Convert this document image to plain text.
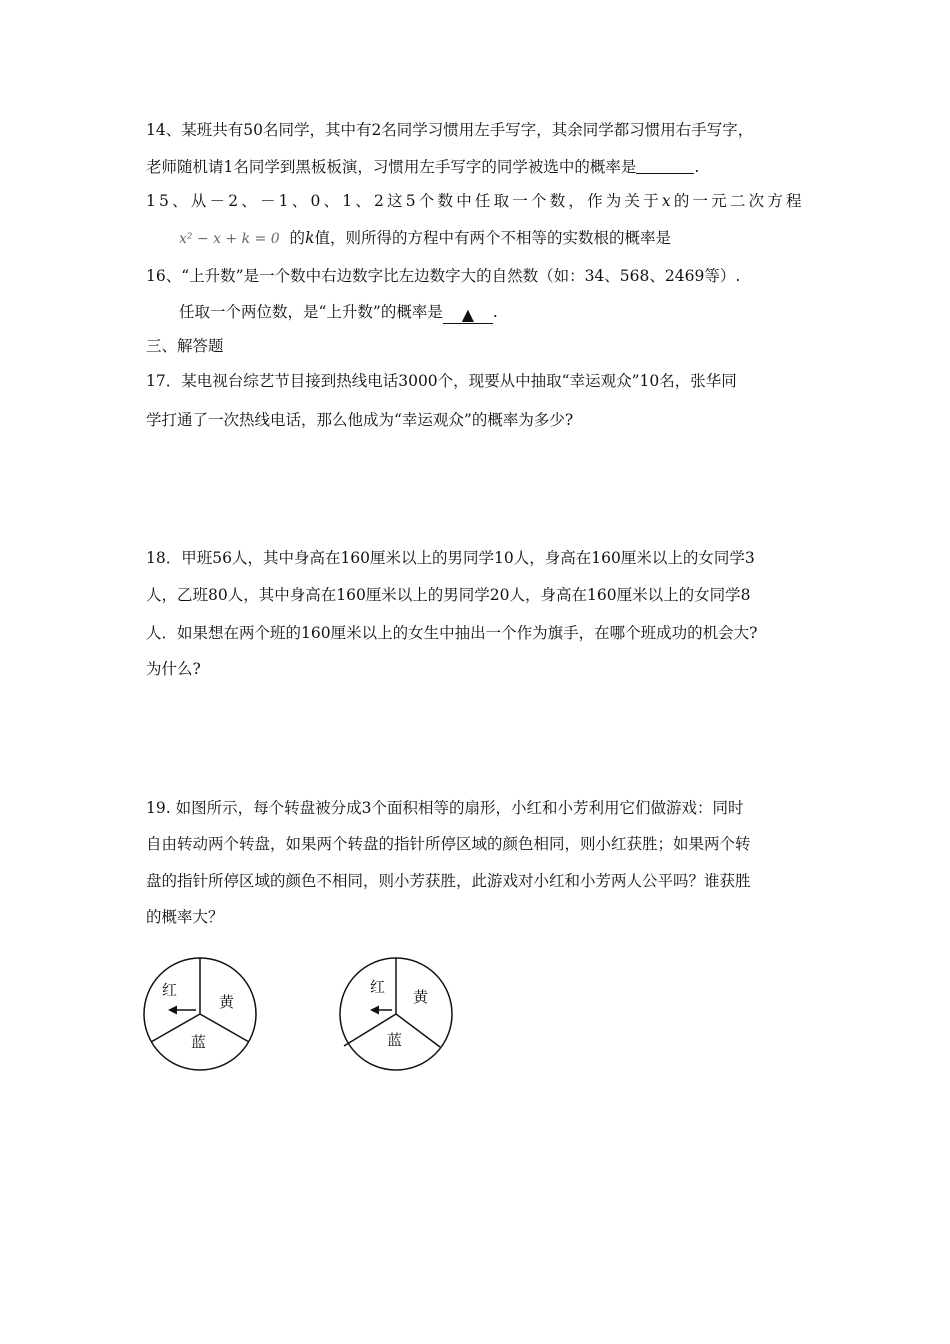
14、某班共有50名同学，其中有2名同学习惯用左手写字，其余同学都习惯用右手写字，
老师随机请1名同学到黑板板演，习惯用左手写字的同学被选中的概率是	.
15、从－2、－1、0、1、2这5个数中任取一个数，作为关于x的一元二次方程
x² − x + k = 0 的k值，则所得的方程中有两个不相等的实数根的概率是
16、“上升数”是一个数中右边数字比左边数字大的自然数（如：34、568、2469等）.
任取一个两位数，是“上升数”的概率是 ▲ .
三、解答题
17．某电视台综艺节目接到热线电话3000个，现要从中抽取“幸运观众”10名，张华同
学打通了一次热线电话，那么他成为“幸运观众”的概率为多少?
18．甲班56人，其中身高在160厘米以上的男同学10人，身高在160厘米以上的女同学3
人，乙班80人，其中身高在160厘米以上的男同学20人，身高在160厘米以上的女同学8
人．如果想在两个班的160厘米以上的女生中抽出一个作为旗手，在哪个班成功的机会大?
为什么?
19. 如图所示，每个转盘被分成3个面积相等的扇形，小红和小芳利用它们做游戏：同时
自由转动两个转盘，如果两个转盘的指针所停区域的颜色相同，则小红获胜；如果两个转
盘的指针所停区域的颜色不相同，则小芳获胜，此游戏对小红和小芳两人公平吗？谁获胜
的概率大？
红
黄
蓝
红
黄
蓝
